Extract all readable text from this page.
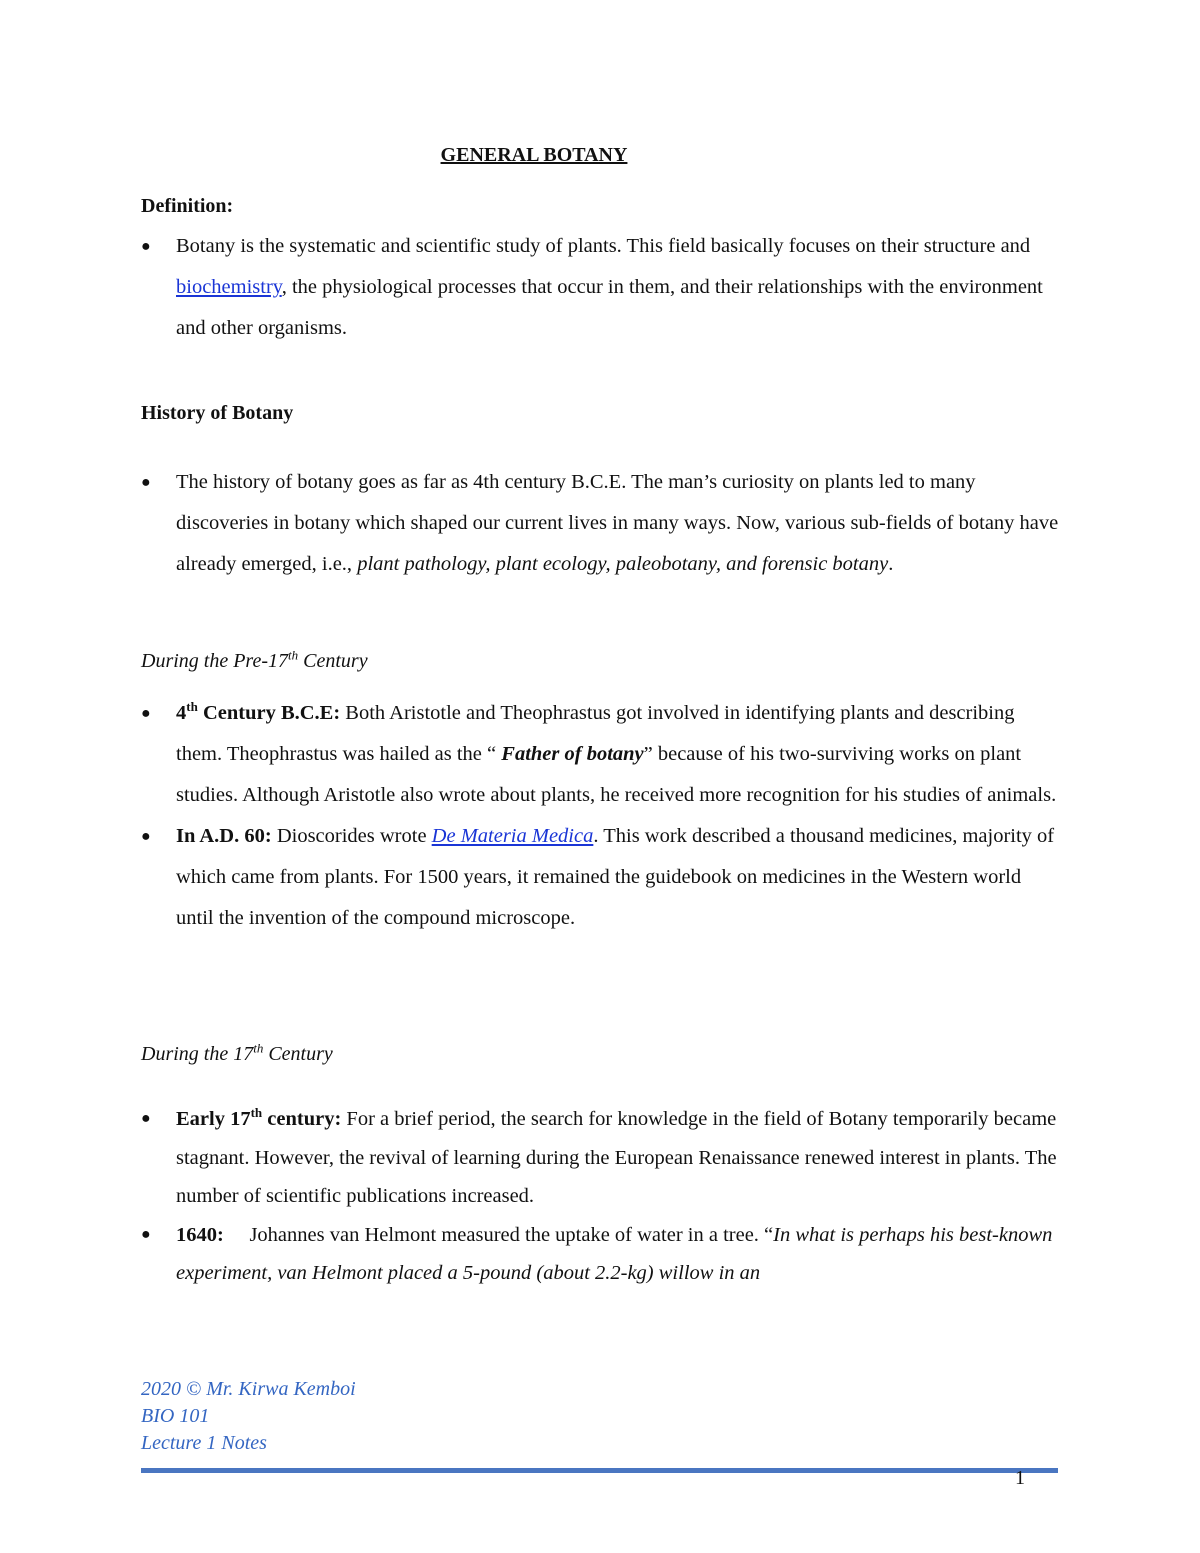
GENERAL BOTANY
Definition:
● Botany is the systematic and scientific study of plants. This field basically focuses on their structure and biochemistry, the physiological processes that occur in them, and their relationships with the environment and other organisms.
History of Botany
● The history of botany goes as far as 4th century B.C.E. The man’s curiosity on plants led to many discoveries in botany which shaped our current lives in many ways. Now, various sub-fields of botany have already emerged, i.e., plant pathology, plant ecology, paleobotany, and forensic botany.
During the Pre-17th Century
● 4th Century B.C.E: Both Aristotle and Theophrastus got involved in identifying plants and describing them. Theophrastus was hailed as the “ Father of botany” because of his two-surviving works on plant studies. Although Aristotle also wrote about plants, he received more recognition for his studies of animals.
● In A.D. 60: Dioscorides wrote De Materia Medica. This work described a thousand medicines, majority of which came from plants. For 1500 years, it remained the guidebook on medicines in the Western world until the invention of the compound microscope.
During the 17th Century
● Early 17th century: For a brief period, the search for knowledge in the field of Botany temporarily became stagnant. However, the revival of learning during the European Renaissance renewed interest in plants. The number of scientific publications increased.
● 1640:     Johannes van Helmont measured the uptake of water in a tree. “In what is perhaps his best-known experiment, van Helmont placed a 5-pound (about 2.2-kg) willow in an
2020 © Mr. Kirwa Kemboi
BIO 101
Lecture 1 Notes
1
